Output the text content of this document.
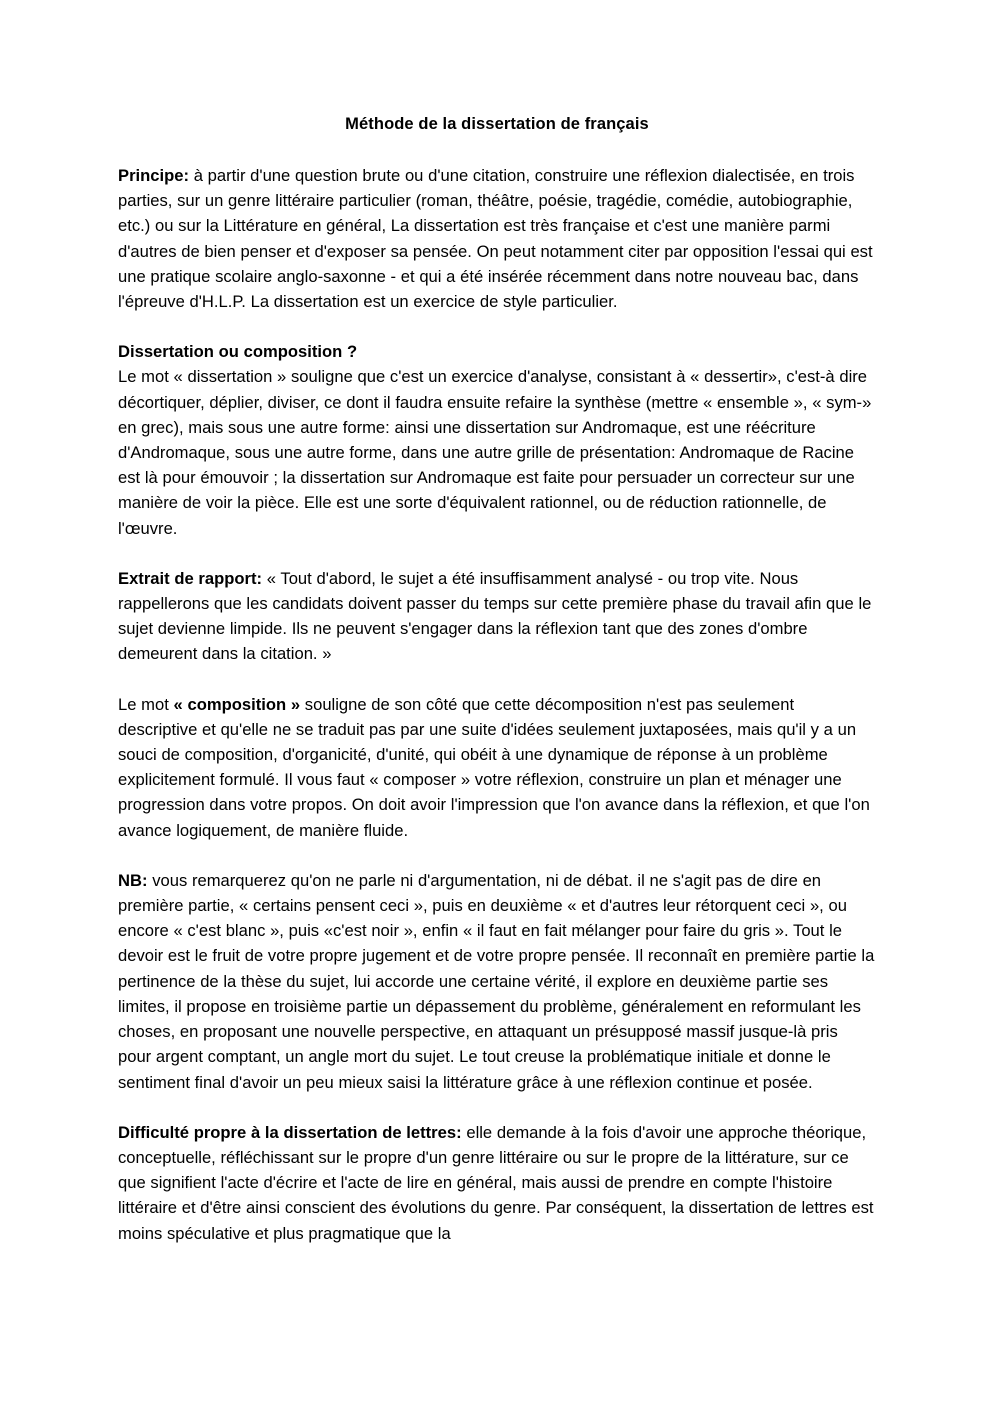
Méthode de la dissertation de français

Principe: à partir d'une question brute ou d'une citation, construire une réflexion dialectisée, en trois parties, sur un genre littéraire particulier (roman, théâtre, poésie, tragédie, comédie, autobiographie, etc.) ou sur la Littérature en général, La dissertation est très française et c'est une manière parmi d'autres de bien penser et d'exposer sa pensée. On peut notamment citer par opposition l'essai qui est une pratique scolaire anglo-saxonne - et qui a été insérée récemment dans notre nouveau bac, dans l'épreuve d'H.L.P. La dissertation est un exercice de style particulier.

Dissertation ou composition ?
Le mot « dissertation » souligne que c'est un exercice d'analyse, consistant à « dessertir», c'est-à dire décortiquer, déplier, diviser, ce dont il faudra ensuite refaire la synthèse (mettre « ensemble », « sym-» en grec), mais sous une autre forme: ainsi une dissertation sur Andromaque, est une réécriture d'Andromaque, sous une autre forme, dans une autre grille de présentation: Andromaque de Racine est là pour émouvoir ; la dissertation sur Andromaque est faite pour persuader un correcteur sur une manière de voir la pièce. Elle est une sorte d'équivalent rationnel, ou de réduction rationnelle, de l'œuvre.

Extrait de rapport: « Tout d'abord, le sujet a été insuffisamment analysé - ou trop vite. Nous rappellerons que les candidats doivent passer du temps sur cette première phase du travail afin que le sujet devienne limpide. Ils ne peuvent s'engager dans la réflexion tant que des zones d'ombre demeurent dans la citation. »

Le mot « composition » souligne de son côté que cette décomposition n'est pas seulement descriptive et qu'elle ne se traduit pas par une suite d'idées seulement juxtaposées, mais qu'il y a un souci de composition, d'organicité, d'unité, qui obéit à une dynamique de réponse à un problème explicitement formulé. Il vous faut « composer » votre réflexion, construire un plan et ménager une progression dans votre propos. On doit avoir l'impression que l'on avance dans la réflexion, et que l'on avance logiquement, de manière fluide.

NB: vous remarquerez qu'on ne parle ni d'argumentation, ni de débat. il ne s'agit pas de dire en première partie, « certains pensent ceci », puis en deuxième « et d'autres leur rétorquent ceci », ou encore « c'est blanc », puis «c'est noir », enfin « il faut en fait mélanger pour faire du gris ». Tout le devoir est le fruit de votre propre jugement et de votre propre pensée. Il reconnaît en première partie la pertinence de la thèse du sujet, lui accorde une certaine vérité, il explore en deuxième partie ses limites, il propose en troisième partie un dépassement du problème, généralement en reformulant les choses, en proposant une nouvelle perspective, en attaquant un présupposé massif jusque-là pris pour argent comptant, un angle mort du sujet. Le tout creuse la problématique initiale et donne le sentiment final d'avoir un peu mieux saisi la littérature grâce à une réflexion continue et posée.

Difficulté propre à la dissertation de lettres: elle demande à la fois d'avoir une approche théorique, conceptuelle, réfléchissant sur le propre d'un genre littéraire ou sur le propre de la littérature, sur ce que signifient l'acte d'écrire et l'acte de lire en général, mais aussi de prendre en compte l'histoire littéraire et d'être ainsi conscient des évolutions du genre. Par conséquent, la dissertation de lettres est moins spéculative et plus pragmatique que la
